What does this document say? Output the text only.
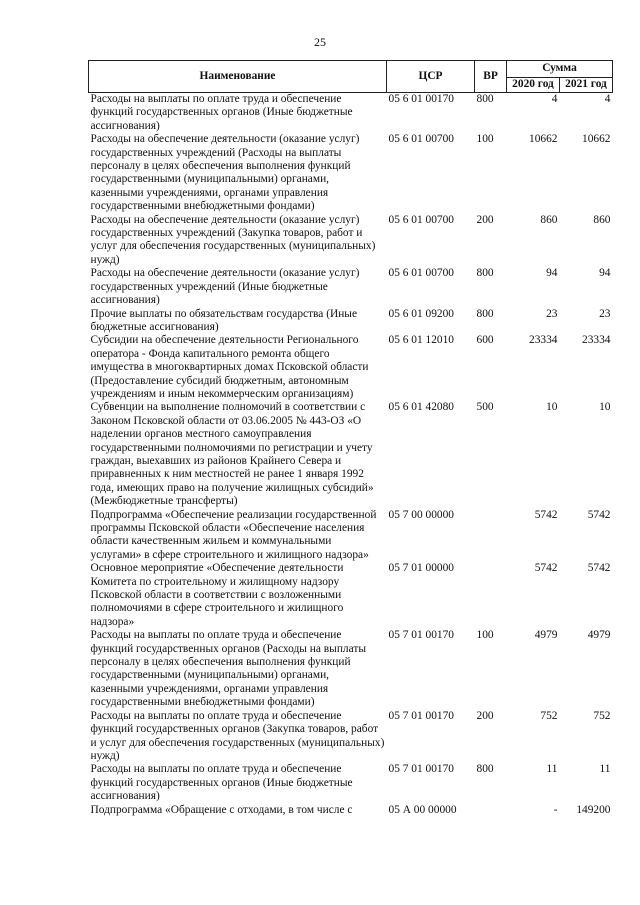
25
Наименование	ЦСР	ВР	Сумма	
			2020 год	2021 год
Расходы на выплаты по оплате труда и обеспечение функций государственных органов (Иные бюджетные ассигнования)	05 6 01 00170	800	4	4
Расходы на обеспечение деятельности (оказание услуг) государственных учреждений (Расходы на выплаты персоналу в целях обеспечения выполнения функций государственными (муниципальными) органами, казенными учреждениями, органами управления государственными внебюджетными фондами)	05 6 01 00700	100	10662	10662
Расходы на обеспечение деятельности (оказание услуг) государственных учреждений (Закупка товаров, работ и услуг для обеспечения государственных (муниципальных) нужд)	05 6 01 00700	200	860	860
Расходы на обеспечение деятельности (оказание услуг) государственных учреждений (Иные бюджетные ассигнования)	05 6 01 00700	800	94	94
Прочие выплаты по обязательствам государства (Иные бюджетные ассигнования)	05 6 01 09200	800	23	23
Субсидии на обеспечение деятельности Регионального оператора - Фонда капитального ремонта общего имущества в многоквартирных домах Псковской области (Предоставление субсидий бюджетным, автономным учреждениям и иным некоммерческим организациям)	05 6 01 12010	600	23334	23334
Субвенции на выполнение полномочий в соответствии с Законом Псковской области от 03.06.2005 № 443-ОЗ «О наделении органов местного самоуправления государственными полномочиями по регистрации и учету граждан, выехавших из районов Крайнего Севера и приравненных к ним местностей не ранее 1 января 1992 года, имеющих право на получение жилищных субсидий» (Межбюджетные трансферты)	05 6 01 42080	500	10	10
Подпрограмма «Обеспечение реализации государственной программы Псковской области «Обеспечение населения области качественным жильем и коммунальными услугами» в сфере строительного и жилищного надзора»	05 7 00 00000		5742	5742
Основное мероприятие «Обеспечение деятельности Комитета по строительному и жилищному надзору Псковской области в соответствии с возложенными полномочиями в сфере строительного и жилищного надзора»	05 7 01 00000		5742	5742
Расходы на выплаты по оплате труда и обеспечение функций государственных органов (Расходы на выплаты персоналу в целях обеспечения выполнения функций государственными (муниципальными) органами, казенными учреждениями, органами управления государственными внебюджетными фондами)	05 7 01 00170	100	4979	4979
Расходы на выплаты по оплате труда и обеспечение функций государственных органов (Закупка товаров, работ и услуг для обеспечения государственных (муниципальных) нужд)	05 7 01 00170	200	752	752
Расходы на выплаты по оплате труда и обеспечение функций государственных органов (Иные бюджетные ассигнования)	05 7 01 00170	800	11	11
Подпрограмма «Обращение с отходами, в том числе с	05 А 00 00000		-	149200
